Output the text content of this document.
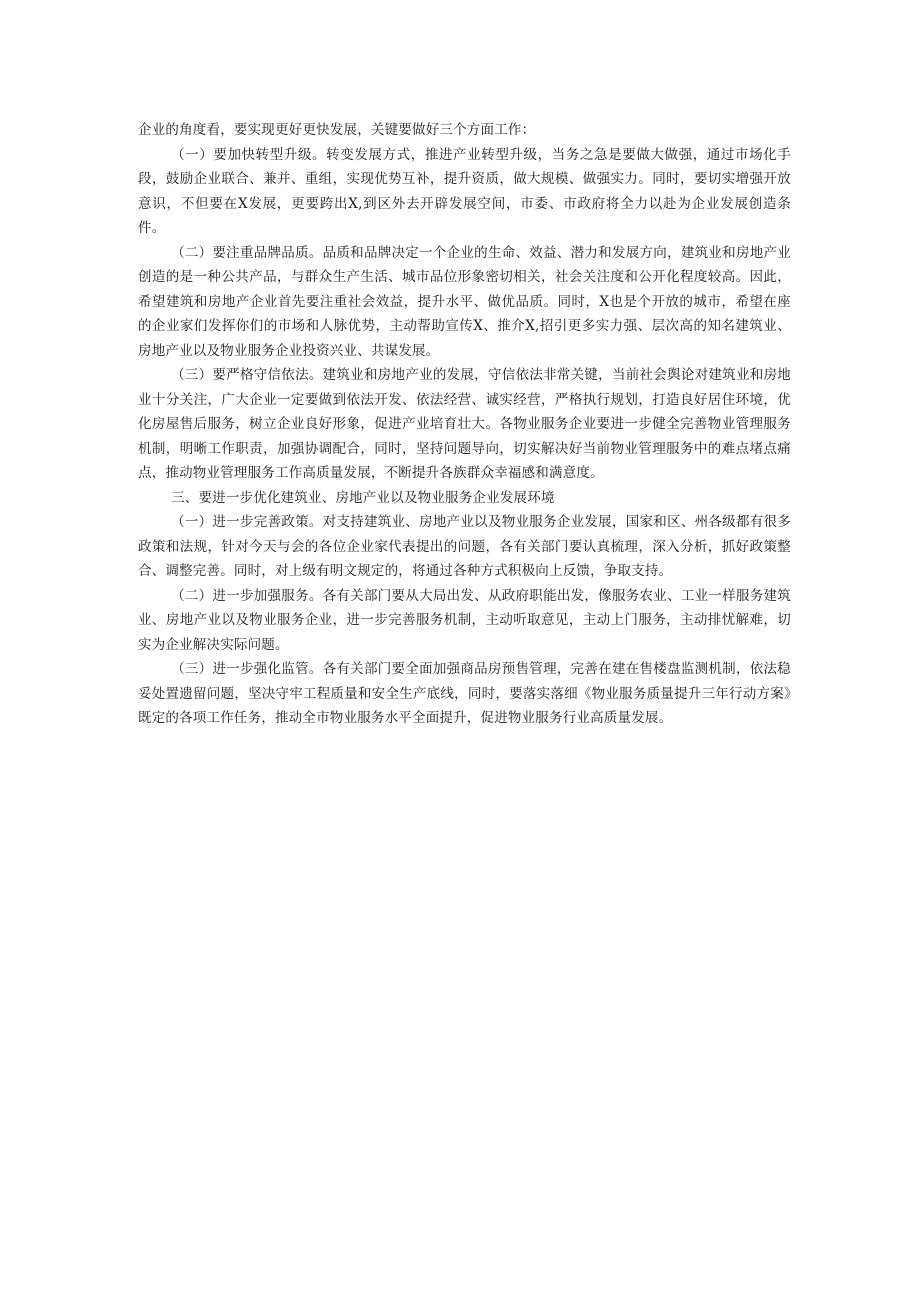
企业的角度看，要实现更好更快发展，关键要做好三个方面工作：

（一）要加快转型升级。转变发展方式，推进产业转型升级，当务之急是要做大做强，通过市场化手段，鼓励企业联合、兼并、重组，实现优势互补，提升资质，做大规模、做强实力。同时，要切实增强开放意识，不但要在X发展，更要跨出X,到区外去开辟发展空间，市委、市政府将全力以赴为企业发展创造条件。

（二）要注重品牌品质。品质和品牌决定一个企业的生命、效益、潜力和发展方向，建筑业和房地产业创造的是一种公共产品，与群众生产生活、城市品位形象密切相关，社会关注度和公开化程度较高。因此，希望建筑和房地产企业首先要注重社会效益，提升水平、做优品质。同时，X也是个开放的城市，希望在座的企业家们发挥你们的市场和人脉优势，主动帮助宣传X、推介X,招引更多实力强、层次高的知名建筑业、房地产业以及物业服务企业投资兴业、共谋发展。

（三）要严格守信依法。建筑业和房地产业的发展，守信依法非常关键，当前社会舆论对建筑业和房地业十分关注，广大企业一定要做到依法开发、依法经营、诚实经营，严格执行规划，打造良好居住环境，优化房屋售后服务，树立企业良好形象，促进产业培育壮大。各物业服务企业要进一步健全完善物业管理服务机制，明晰工作职责，加强协调配合，同时，坚持问题导向，切实解决好当前物业管理服务中的难点堵点痛点，推动物业管理服务工作高质量发展，不断提升各族群众幸福感和满意度。

三、要进一步优化建筑业、房地产业以及物业服务企业发展环境

（一）进一步完善政策。对支持建筑业、房地产业以及物业服务企业发展，国家和区、州各级都有很多政策和法规，针对今天与会的各位企业家代表提出的问题，各有关部门要认真梳理，深入分析，抓好政策整合、调整完善。同时，对上级有明文规定的，将通过各种方式积极向上反馈，争取支持。

（二）进一步加强服务。各有关部门要从大局出发、从政府职能出发，像服务农业、工业一样服务建筑业、房地产业以及物业服务企业，进一步完善服务机制，主动听取意见，主动上门服务，主动排忧解难，切实为企业解决实际问题。

（三）进一步强化监管。各有关部门要全面加强商品房预售管理，完善在建在售楼盘监测机制，依法稳妥处置遗留问题，坚决守牢工程质量和安全生产底线，同时，要落实落细《物业服务质量提升三年行动方案》既定的各项工作任务，推动全市物业服务水平全面提升，促进物业服务行业高质量发展。
